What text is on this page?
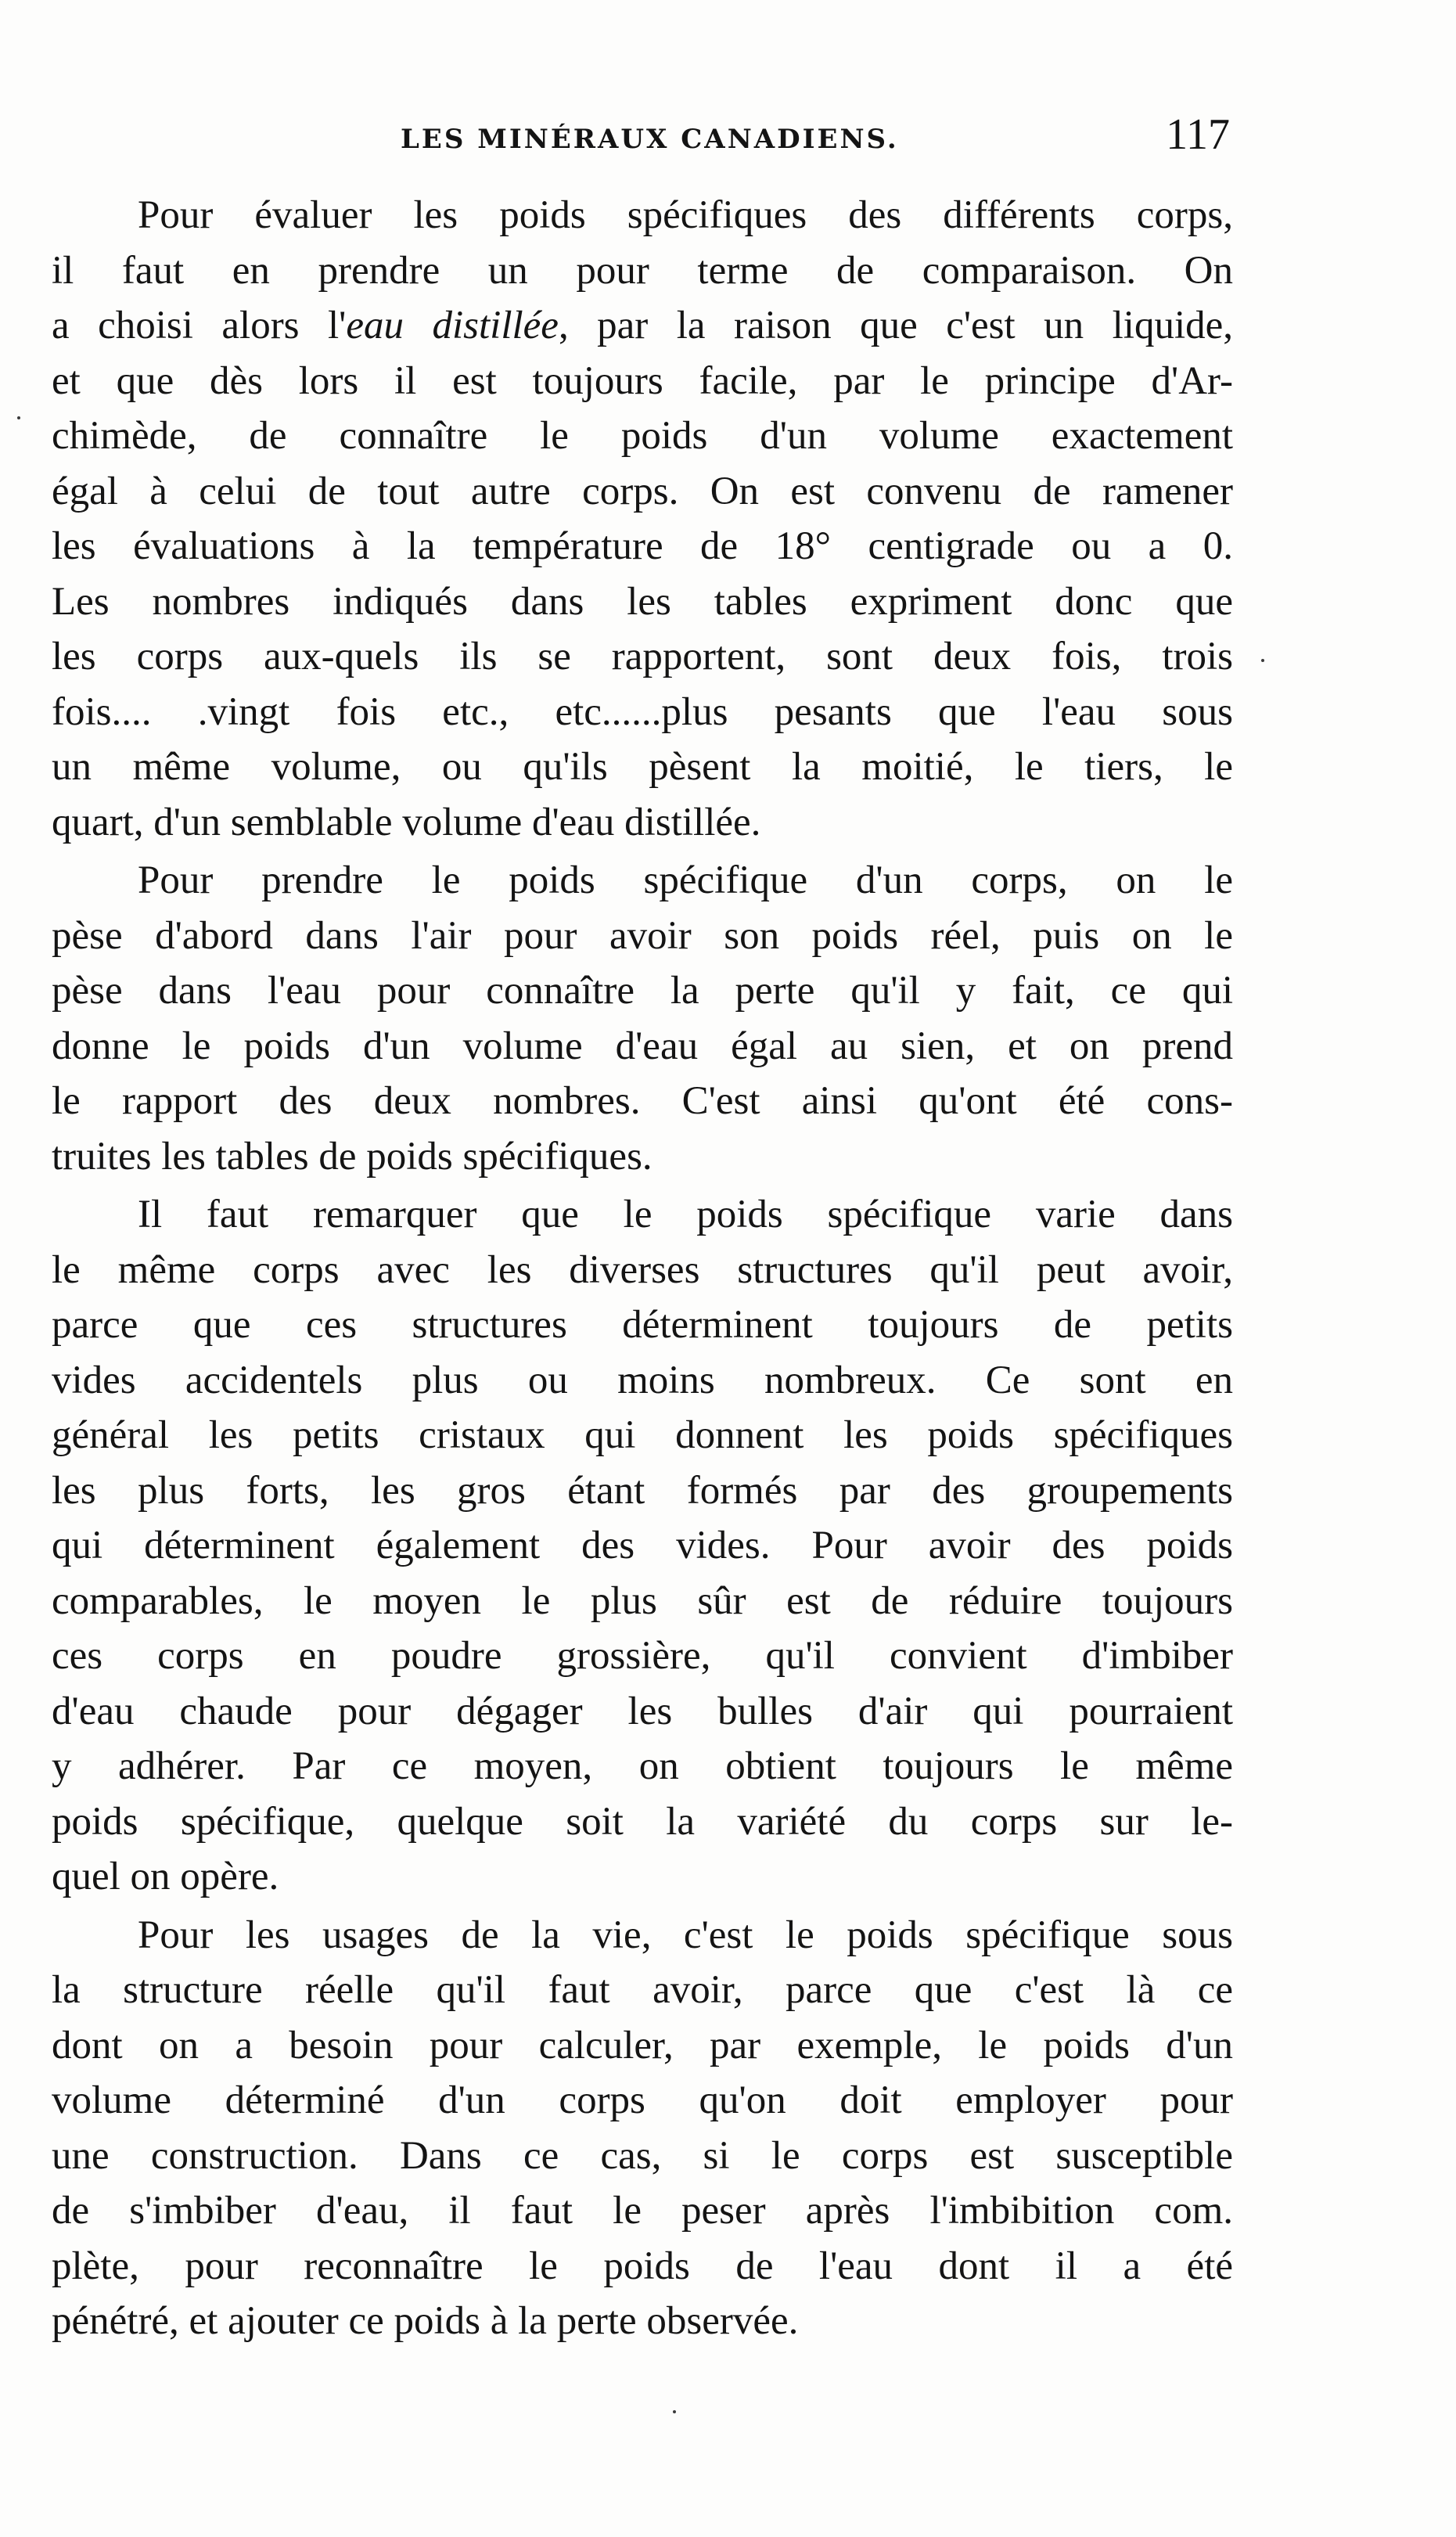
LES MINÉRAUX CANADIENS.	117
Pour évaluer les poids spécifiques des différents corps,
il faut en prendre un pour terme de comparaison. On
a choisi alors l'eau distillée, par la raison que c'est un liquide,
et que dès lors il est toujours facile, par le principe d'Ar-
chimède, de connaître le poids d'un volume exactement
égal à celui de tout autre corps. On est convenu de ramener
les évaluations à la température de 18° centigrade ou a 0.
Les nombres indiqués dans les tables expriment donc que
les corps aux-quels ils se rapportent, sont deux fois, trois
fois.... .vingt fois etc., etc......plus pesants que l'eau sous
un même volume, ou qu'ils pèsent la moitié, le tiers, le
quart, d'un semblable volume d'eau distillée.
Pour prendre le poids spécifique d'un corps, on le
pèse d'abord dans l'air pour avoir son poids réel, puis on le
pèse dans l'eau pour connaître la perte qu'il y fait, ce qui
donne le poids d'un volume d'eau égal au sien, et on prend
le rapport des deux nombres. C'est ainsi qu'ont été cons-
truites les tables de poids spécifiques.
Il faut remarquer que le poids spécifique varie dans
le même corps avec les diverses structures qu'il peut avoir,
parce que ces structures déterminent toujours de petits
vides accidentels plus ou moins nombreux. Ce sont en
général les petits cristaux qui donnent les poids spécifiques
les plus forts, les gros étant formés par des groupements
qui déterminent également des vides. Pour avoir des poids
comparables, le moyen le plus sûr est de réduire toujours
ces corps en poudre grossière, qu'il convient d'imbiber
d'eau chaude pour dégager les bulles d'air qui pourraient
y adhérer. Par ce moyen, on obtient toujours le même
poids spécifique, quelque soit la variété du corps sur le-
quel on opère.
Pour les usages de la vie, c'est le poids spécifique sous
la structure réelle qu'il faut avoir, parce que c'est là ce
dont on a besoin pour calculer, par exemple, le poids d'un
volume déterminé d'un corps qu'on doit employer pour
une construction. Dans ce cas, si le corps est susceptible
de s'imbiber d'eau, il faut le peser après l'imbibition com.
plète, pour reconnaître le poids de l'eau dont il a été
pénétré, et ajouter ce poids à la perte observée.
